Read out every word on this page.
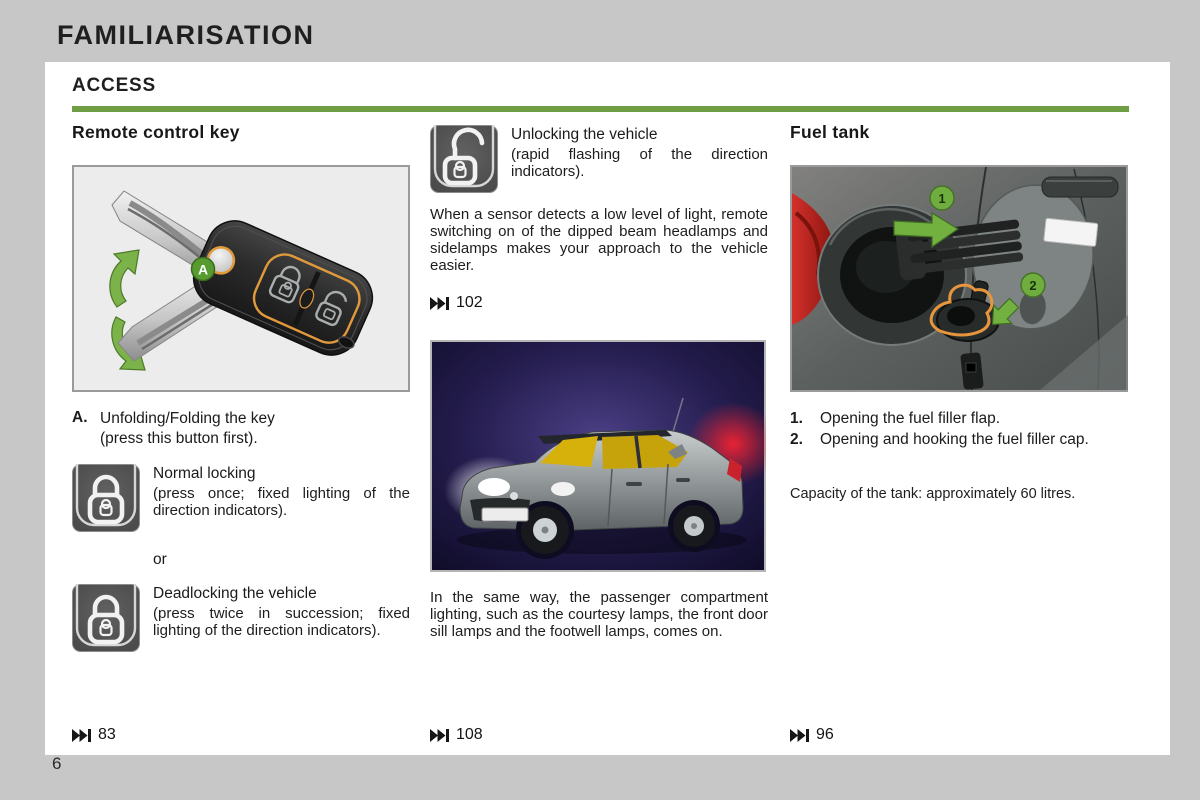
FAMILIARISATION
ACCESS
Remote control key
A
A. Unfolding/Folding the key
(press this button first).
Normal locking
(press once; fixed lighting of the direction indicators).
or
Deadlocking the vehicle
(press twice in succession; fixed lighting of the direction indicators).
83
Unlocking the vehicle
(rapid flashing of the direction indicators).

When a sensor detects a low level of light, remote switching on of the dipped beam headlamps and sidelamps makes your approach to the vehicle easier.

102

In the same way, the passenger compartment lighting, such as the courtesy lamps, the front door sill lamps and the footwell lamps, comes on.

108
Fuel tank
1
2
1.	Opening the fuel filler flap.
2.	Opening and hooking the fuel filler cap.
Capacity of the tank: approximately 60 litres.
96
6
